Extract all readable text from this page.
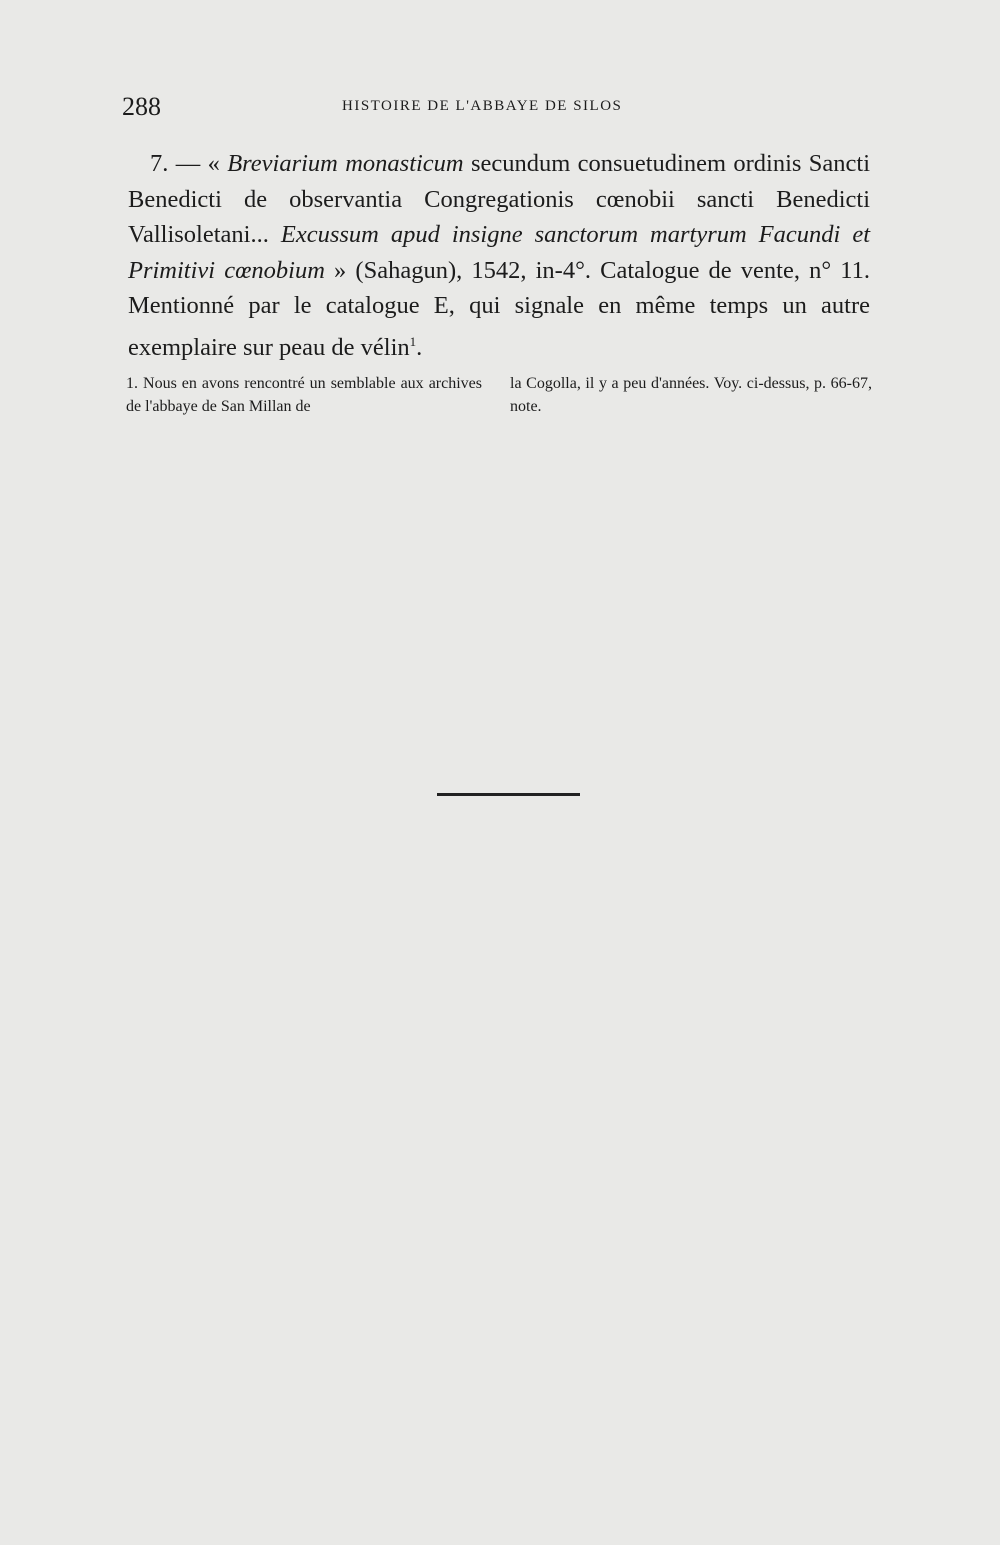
288	HISTOIRE DE L'ABBAYE DE SILOS

7. — « Breviarium monasticum secundum consuetudinem ordinis Sancti Benedicti de observantia Congregationis cœnobii sancti Benedicti Vallisoletani... Excussum apud insigne sanctorum martyrum Facundi et Primitivi cœnobium » (Sahagun), 1542, in-4°. Catalogue de vente, n° 11. Mentionné par le catalogue E, qui signale en même temps un autre exemplaire sur peau de vélin$^1$.

1. Nous en avons rencontré un semblable aux archives de l'abbaye de San Millan de
la Cogolla, il y a peu d'années. Voy. ci-dessus, p. 66-67, note.
